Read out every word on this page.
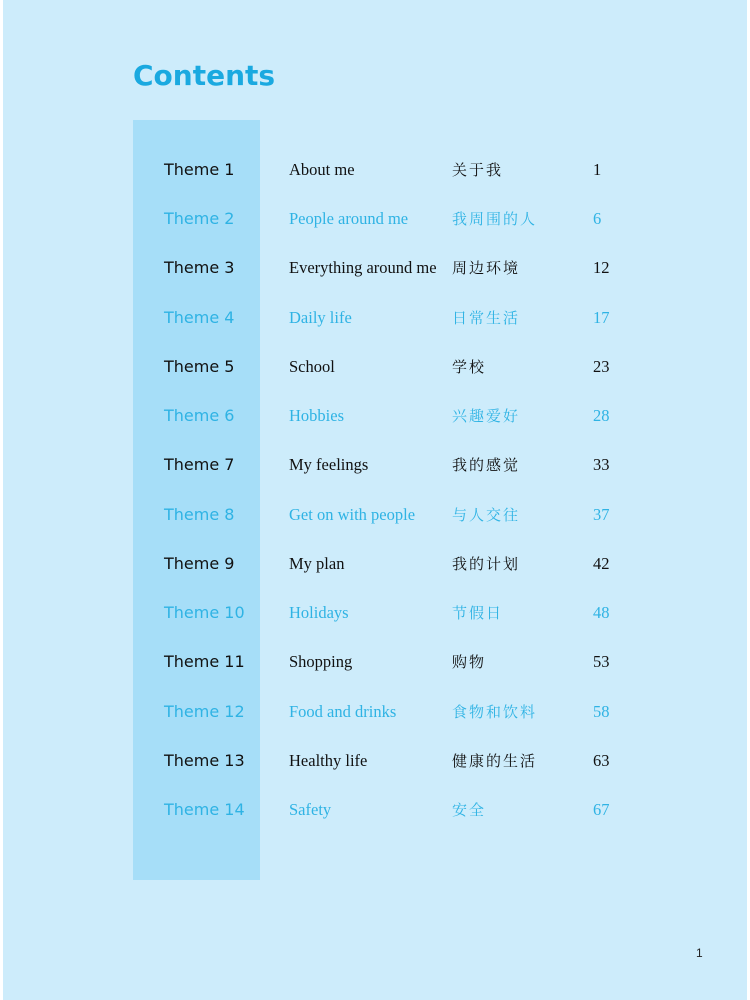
Contents
Theme 1	About me	关于我	1
Theme 2	People around me	我周围的人	6
Theme 3	Everything around me 周边环境	12
Theme 4	Daily life	日常生活	17
Theme 5	School	学校	23
Theme 6	Hobbies	兴趣爱好	28
Theme 7	My feelings	我的感觉	33
Theme 8	Get on with people 与人交往	37
Theme 9	My plan	我的计划	42
Theme 10	Holidays	节假日	48
Theme 11	Shopping	购物	53
Theme 12	Food and drinks	食物和饮料	58
Theme 13	Healthy life	健康的生活	63
Theme 14	Safety	安全	67
1
